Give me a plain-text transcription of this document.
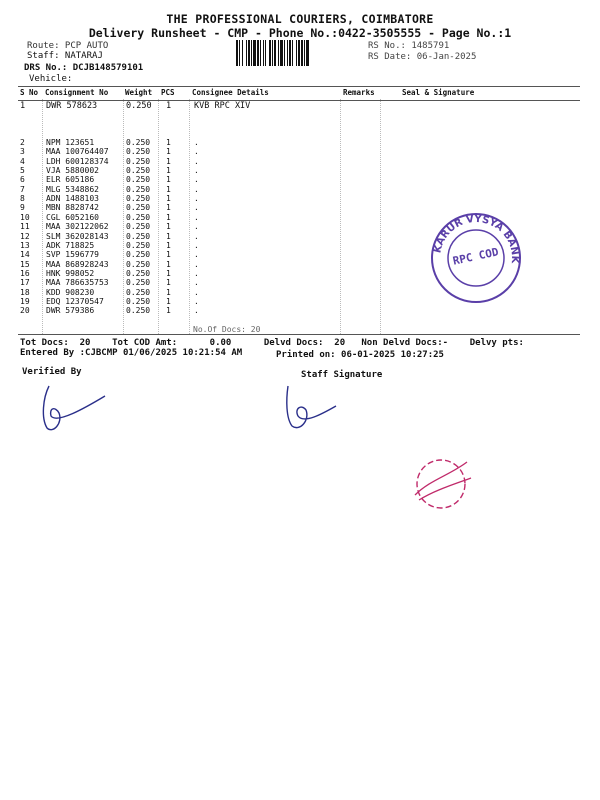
THE PROFESSIONAL COURIERS, COIMBATORE
Delivery Runsheet - CMP - Phone No.:0422-3505555 - Page No.:1
Route: PCP AUTO
Staff: NATARAJ
DRS No.: DCJB148579101
Vehicle:
RS No.: 1485791
RS Date: 06-Jan-2025
S No Consignment No Weight PCS Consignee Details	Remarks	Seal & Signature
1 DWR 578623	0.250 1	KVB RPC XIV
2	NPM 123651	0.250 1	.
3	MAA 100764407 0.250 1	.
4	LDH 600128374 0.250 1	.
5	VJA 5880002	0.250 1	.
6	ELR 605186	0.250 1	.
7	MLG 5348862	0.250 1	.
8	ADN 1488103	0.250 1	.
9	MBN 8828742	0.250 1	.
10 CGL 6052160	0.250 1	.
11 MAA 302122062 0.250 1	.
12 SLM 362028143 0.250 1	.
13 ADK 718825	0.250 1	.
14 SVP 1596779	0.250 1	.
15 MAA 868928243 0.250 1	.
16 HNK 998052	0.250 1	.
17 MAA 786635753 0.250 1	.
18 KDD 908230	0.250 1	.
19 EDQ 12370547	0.250 1	.
20 DWR 579386	0.250 1	.
No.Of Docs: 20
Tot Docs:  20    Tot COD Amt:      0.00      Delvd Docs:  20   Non Delvd Docs:-    Delvy pts:
Entered By :CJBCMP 01/06/2025 10:21:54 AM	Printed on: 06-01-2025 10:27:25
Verified By	Staff Signature
KARUR VYSYA BANK
RPC COD
